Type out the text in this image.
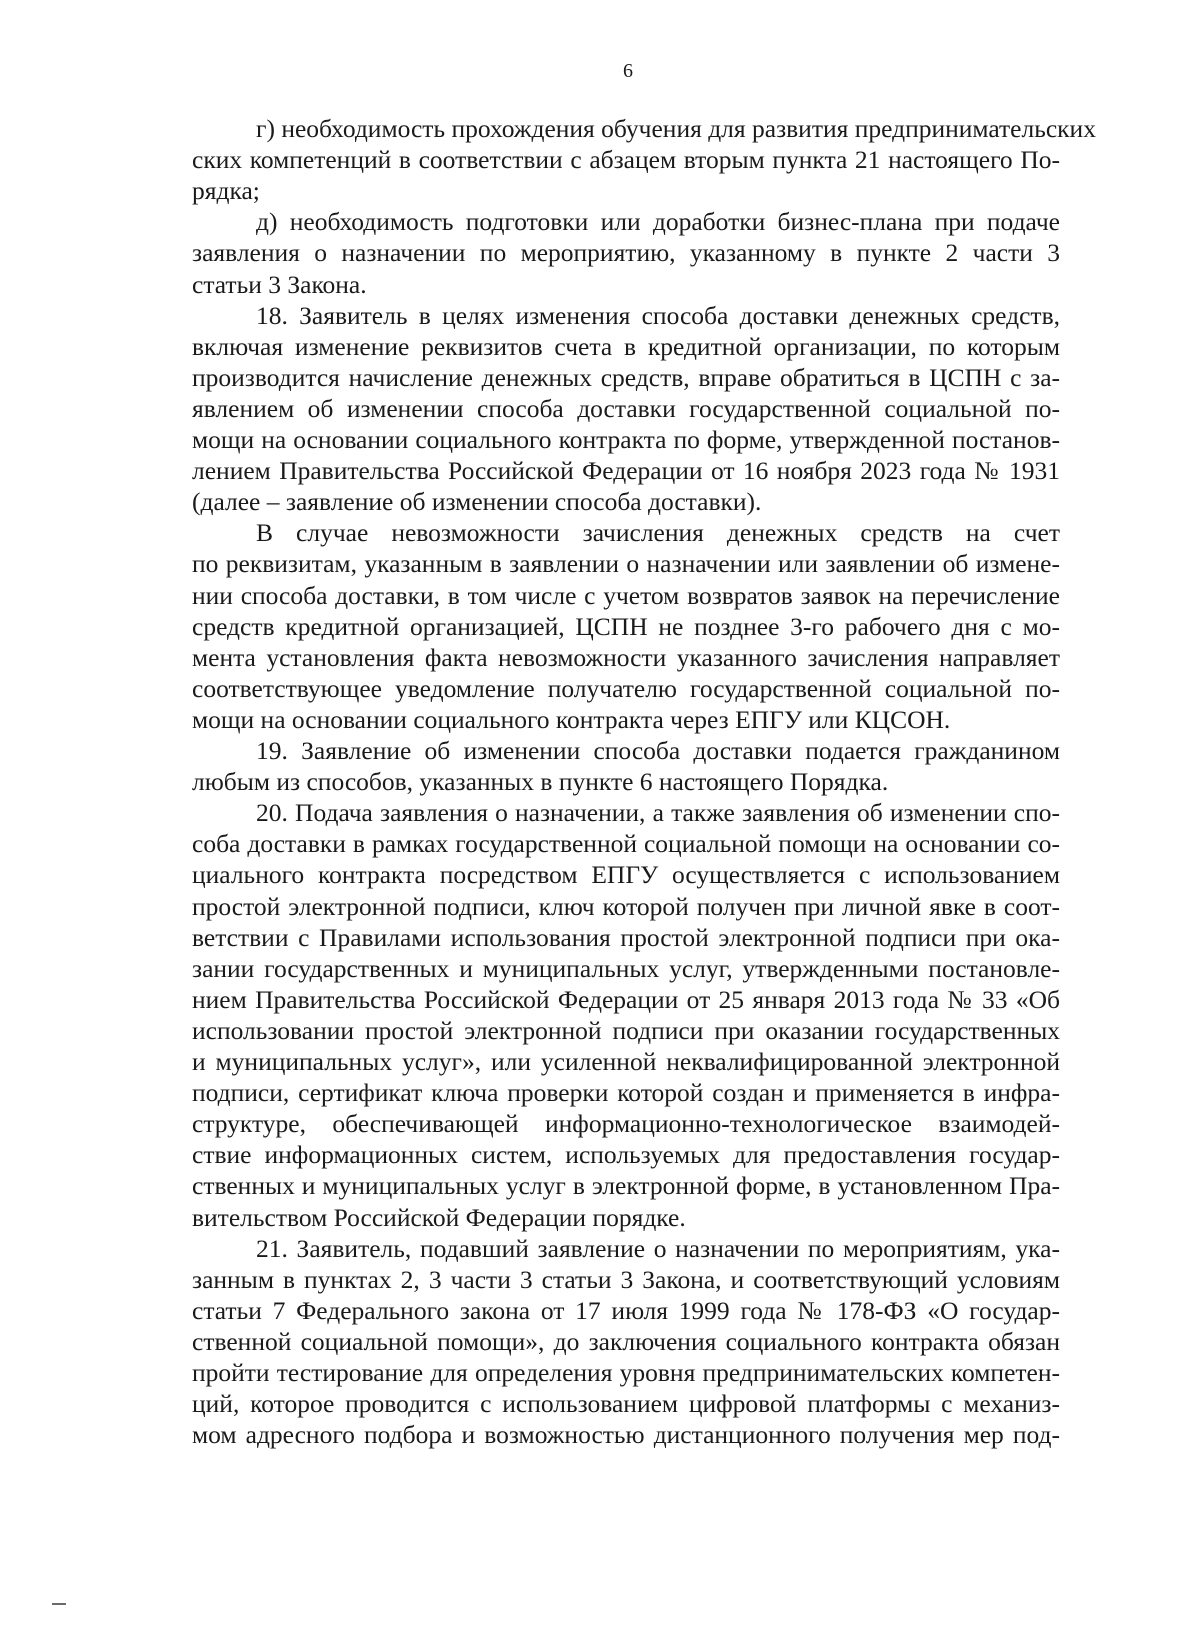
6
г) необходимость прохождения обучения для развития предпринимательских
ских компетенций в соответствии с абзацем вторым пункта 21 настоящего По-
рядка;
д) необходимость подготовки или доработки бизнес-плана при подаче
заявления о назначении по мероприятию, указанному в пункте 2 части 3
статьи 3 Закона.
18. Заявитель в целях изменения способа доставки денежных средств,
включая изменение реквизитов счета в кредитной организации, по которым
производится начисление денежных средств, вправе обратиться в ЦСПН с за-
явлением об изменении способа доставки государственной социальной по-
мощи на основании социального контракта по форме, утвержденной постанов-
лением Правительства Российской Федерации от 16 ноября 2023 года № 1931
(далее – заявление об изменении способа доставки).
В случае невозможности зачисления денежных средств на счет
по реквизитам, указанным в заявлении о назначении или заявлении об измене-
нии способа доставки, в том числе с учетом возвратов заявок на перечисление
средств кредитной организацией, ЦСПН не позднее 3-го рабочего дня с мо-
мента установления факта невозможности указанного зачисления направляет
соответствующее уведомление получателю государственной социальной по-
мощи на основании социального контракта через ЕПГУ или КЦСОН.
19. Заявление об изменении способа доставки подается гражданином
любым из способов, указанных в пункте 6 настоящего Порядка.
20. Подача заявления о назначении, а также заявления об изменении спо-
соба доставки в рамках государственной социальной помощи на основании со-
циального контракта посредством ЕПГУ осуществляется с использованием
простой электронной подписи, ключ которой получен при личной явке в соот-
ветствии с Правилами использования простой электронной подписи при ока-
зании государственных и муниципальных услуг, утвержденными постановле-
нием Правительства Российской Федерации от 25 января 2013 года № 33 «Об
использовании простой электронной подписи при оказании государственных
и муниципальных услуг», или усиленной неквалифицированной электронной
подписи, сертификат ключа проверки которой создан и применяется в инфра-
структуре, обеспечивающей информационно-технологическое взаимодей-
ствие информационных систем, используемых для предоставления государ-
ственных и муниципальных услуг в электронной форме, в установленном Пра-
вительством Российской Федерации порядке.
21. Заявитель, подавший заявление о назначении по мероприятиям, ука-
занным в пунктах 2, 3 части 3 статьи 3 Закона, и соответствующий условиям
статьи 7 Федерального закона от 17 июля 1999 года № 178-ФЗ «О государ-
ственной социальной помощи», до заключения социального контракта обязан
пройти тестирование для определения уровня предпринимательских компетен-
ций, которое проводится с использованием цифровой платформы с механиз-
мом адресного подбора и возможностью дистанционного получения мер под-
